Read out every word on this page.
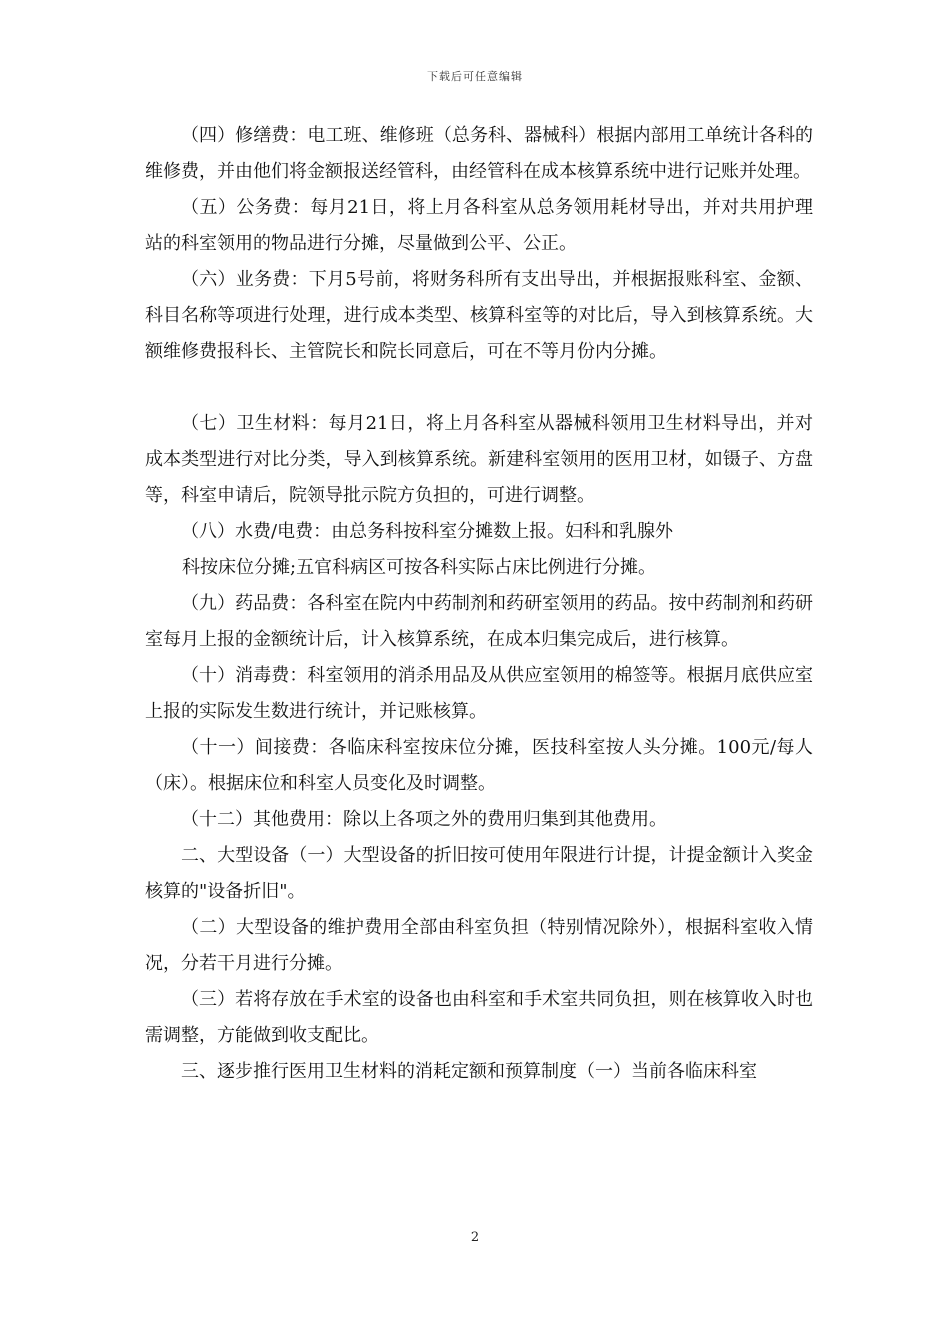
下载后可任意编辑

（四）修缮费：电工班、维修班（总务科、器械科）根据内部用工单统计各科的维修费，并由他们将金额报送经管科，由经管科在成本核算系统中进行记账并处理。

（五）公务费：每月21日，将上月各科室从总务领用耗材导出，并对共用护理站的科室领用的物品进行分摊，尽量做到公平、公正。

（六）业务费：下月5号前，将财务科所有支出导出，并根据报账科室、金额、科目名称等项进行处理，进行成本类型、核算科室等的对比后，导入到核算系统。大额维修费报科长、主管院长和院长同意后，可在不等月份内分摊。

（七）卫生材料：每月21日，将上月各科室从器械科领用卫生材料导出，并对成本类型进行对比分类，导入到核算系统。新建科室领用的医用卫材，如镊子、方盘等，科室申请后，院领导批示院方负担的，可进行调整。

（八）水费/电费：由总务科按科室分摊数上报。妇科和乳腺外

科按床位分摊;五官科病区可按各科实际占床比例进行分摊。

（九）药品费：各科室在院内中药制剂和药研室领用的药品。按中药制剂和药研室每月上报的金额统计后，计入核算系统，在成本归集完成后，进行核算。

（十）消毒费：科室领用的消杀用品及从供应室领用的棉签等。根据月底供应室上报的实际发生数进行统计，并记账核算。

（十一）间接费：各临床科室按床位分摊，医技科室按人头分摊。100元/每人（床）。根据床位和科室人员变化及时调整。

（十二）其他费用：除以上各项之外的费用归集到其他费用。

二、大型设备（一）大型设备的折旧按可使用年限进行计提，计提金额计入奖金核算的"设备折旧"。

（二）大型设备的维护费用全部由科室负担（特别情况除外），根据科室收入情况，分若干月进行分摊。

（三）若将存放在手术室的设备也由科室和手术室共同负担，则在核算收入时也需调整，方能做到收支配比。

三、逐步推行医用卫生材料的消耗定额和预算制度（一）当前各临床科室

2
